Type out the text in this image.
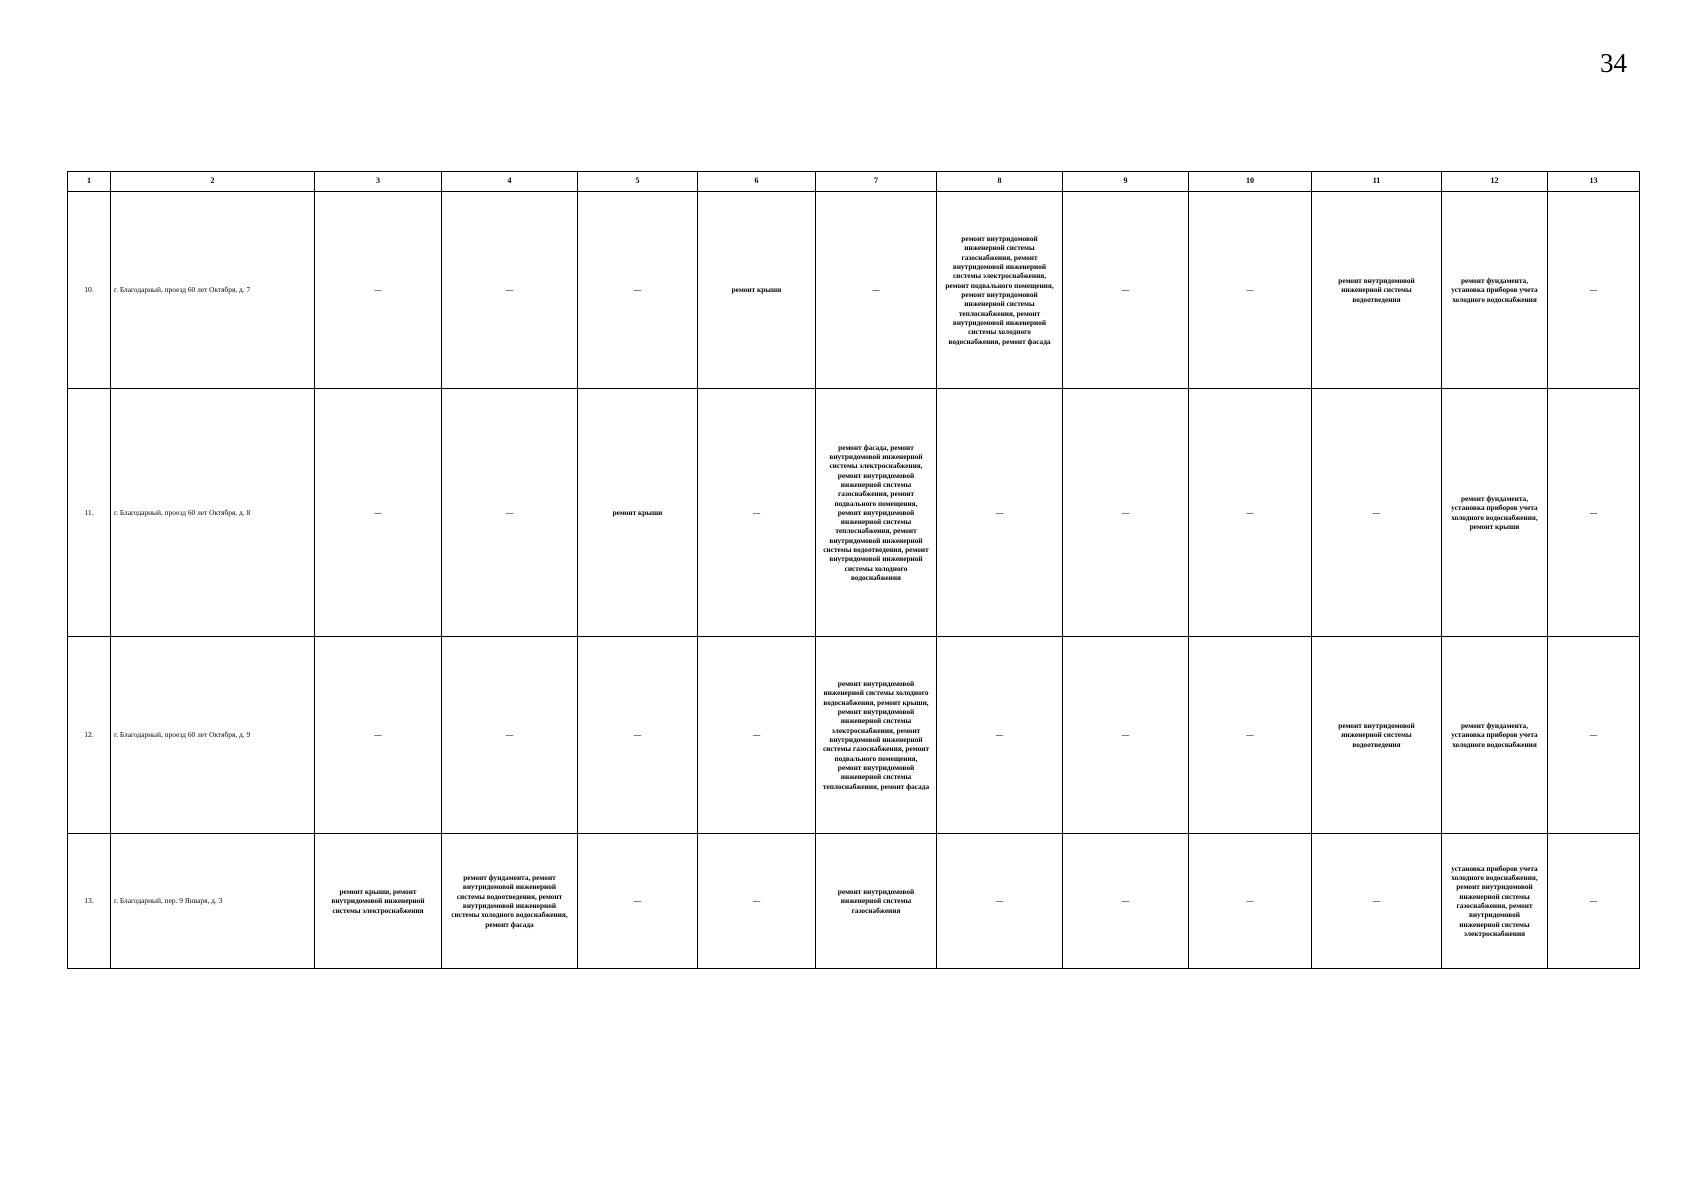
34
1	2	3	4	5	6	7	8	9	10	11	12	13
10.	г. Благодарный, проезд 60 лет Октября, д. 7	—	—	—	ремонт крыши	—	ремонт внутридомовой инженерной системы газоснабжения, ремонт внутридомовой инженерной системы электроснабжения, ремонт подвального помещения, ремонт внутридомовой инженерной системы теплоснабжения, ремонт внутридомовой инженерной системы холодного водоснабжения, ремонт фасада	—	—	ремонт внутридомовой инженерной системы водоотведения	ремонт фундамента, установка приборов учета холодного водоснабжения	—
11.	г. Благодарный, проезд 60 лет Октября, д. 8	—	—	ремонт крыши	—	ремонт фасада, ремонт внутридомовой инженерной системы электроснабжения, ремонт внутридомовой инженерной системы газоснабжения, ремонт подвального помещения, ремонт внутридомовой инженерной системы теплоснабжения, ремонт внутридомовой инженерной системы водоотведения, ремонт внутридомовой инженерной системы холодного водоснабжения	—	—	—	—	ремонт фундамента, установка приборов учета холодного водоснабжения, ремонт крыши	—
12.	г. Благодарный, проезд 60 лет Октября, д. 9	—	—	—	—	ремонт внутридомовой инженерной системы холодного водоснабжения, ремонт крыши, ремонт внутридомовой инженерной системы электроснабжения, ремонт внутридомовой инженерной системы газоснабжения, ремонт подвального помещения, ремонт внутридомовой инженерной системы теплоснабжения, ремонт фасада	—	—	—	ремонт внутридомовой инженерной системы водоотведения	ремонт фундамента, установка приборов учета холодного водоснабжения	—
13.	г. Благодарный, пер. 9 Января, д. 3	ремонт крыши, ремонт внутридомовой инженерной системы электроснабжения	ремонт фундамента, ремонт внутридомовой инженерной системы водоотведения, ремонт внутридомовой инженерной системы холодного водоснабжения, ремонт фасада	—	—	ремонт внутридомовой инженерной системы газоснабжения	—	—	—	—	установка приборов учета холодного водоснабжения, ремонт внутридомовой инженерной системы газоснабжения, ремонт внутридомовой инженерной системы электроснабжения	—
